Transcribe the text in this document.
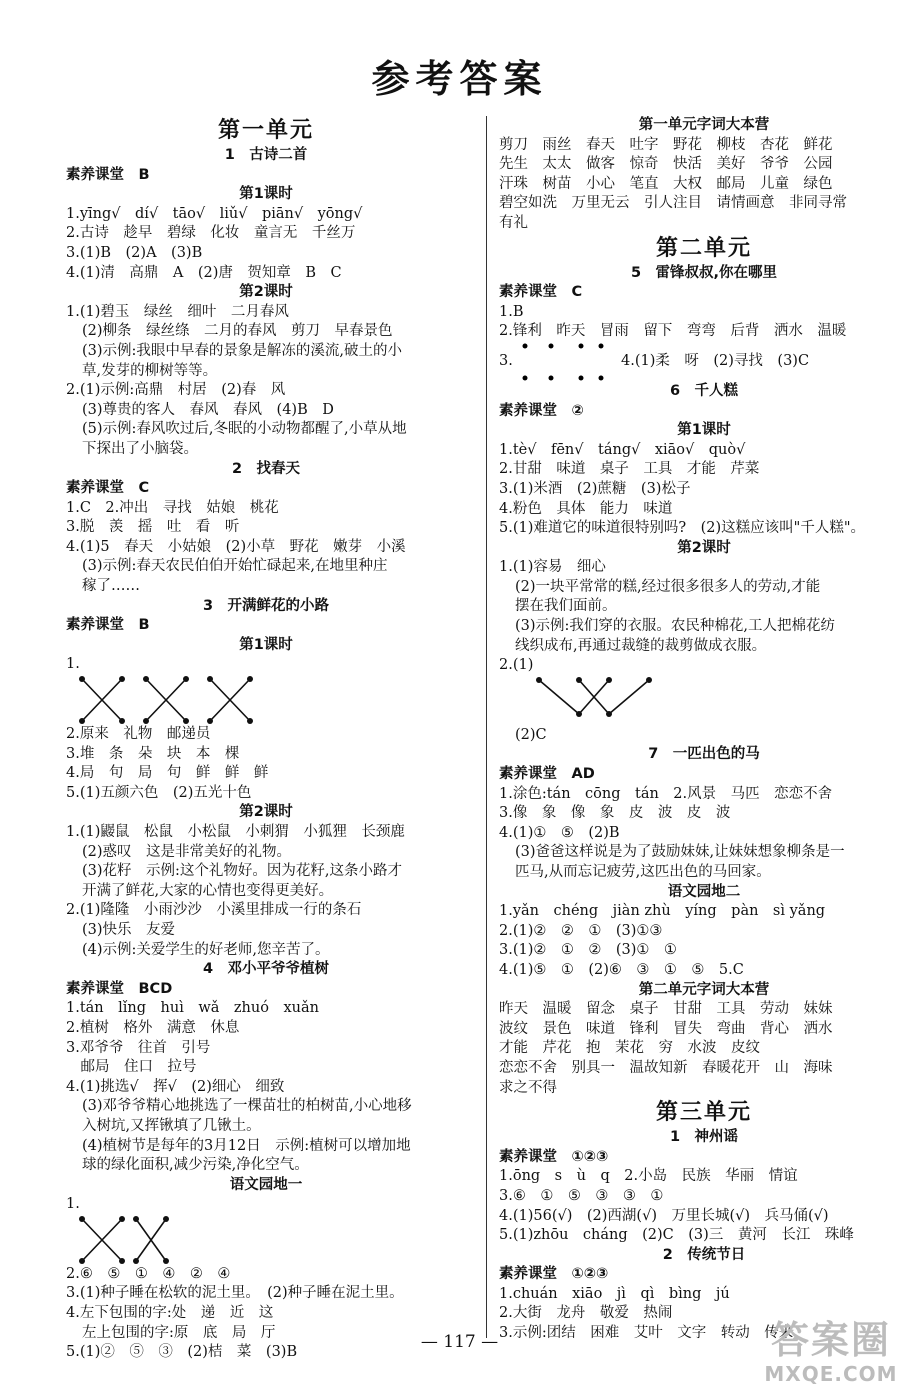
参考答案
第一单元
1　古诗二首
素养课堂　B
第1课时
1.yīng√　dí√　tāo√　liǔ√　piān√　yōng√
2.古诗　趁早　碧绿　化妆　童言无　千丝万
3.(1)B　(2)A　(3)B
4.(1)清　高鼎　A　(2)唐　贺知章　B　C
第2课时
1.(1)碧玉　绿丝　细叶　二月春风
(2)柳条　绿丝绦　二月的春风　剪刀　早春景色
(3)示例:我眼中早春的景象是解冻的溪流,破土的小
草,发芽的柳树等等。
2.(1)示例:高鼎　村居　(2)春　风
(3)尊贵的客人　春风　春风　(4)B　D
(5)示例:春风吹过后,冬眠的小动物都醒了,小草从地
下探出了小脑袋。
2　找春天
素养课堂　C
1.C　2.冲出　寻找　姑娘　桃花
3.脱　羡　摇　吐　看　听
4.(1)5　春天　小姑娘　(2)小草　野花　嫩芽　小溪
(3)示例:春天农民伯伯开始忙碌起来,在地里种庄
稼了……
3　开满鲜花的小路
素养课堂　B
第1课时
1.
2.原来　礼物　邮递员
3.堆　条　朵　块　本　棵
4.局　句　局　句　鲜　鲜　鲜
5.(1)五颜六色　(2)五光十色
第2课时
1.(1)鼹鼠　松鼠　小松鼠　小刺猬　小狐狸　长颈鹿
(2)惑叹　这是非常美好的礼物。
(3)花籽　示例:这个礼物好。因为花籽,这条小路才
开满了鲜花,大家的心情也变得更美好。
2.(1)隆隆　小雨沙沙　小溪里排成一行的条石
(3)快乐　友爱
(4)示例:关爱学生的好老师,您辛苦了。
4　邓小平爷爷植树
素养课堂　BCD
1.tán　lǐng　huì　wǎ　zhuó　xuǎn
2.植树　格外　满意　休息
3.邓爷爷　往首　引号
　邮局　住口　拉号
4.(1)挑选√　挥√　(2)细心　细致
(3)邓爷爷精心地挑选了一棵苗壮的柏树苗,小心地移
入树坑,又挥锹填了几锹土。
(4)植树节是每年的3月12日　示例:植树可以增加地
球的绿化面积,减少污染,净化空气。
语文园地一
1.
2.⑥　⑤　①　④　②　④
3.(1)种子睡在松软的泥土里。　(2)种子睡在泥土里。
4.左下包围的字:处　递　近　这
左上包围的字:原　底　局　厅
5.(1)②　⑤　③　(2)桔　菜　(3)B
第一单元字词大本营
剪刀　雨丝　春天　吐字　野花　柳枝　杏花　鲜花
先生　太太　做客　惊奇　快活　美好　爷爷　公园
汗珠　树苗　小心　笔直　大权　邮局　儿童　绿色
碧空如洗　万里无云　引人注目　请情画意　非同寻常
有礼
第二单元
5　雷锋叔叔,你在哪里
素养课堂　C
1.B
2.锋利　昨天　冒雨　留下　弯弯　后背　洒水　温暖
3.	4.(1)柔　呀　(2)寻找　(3)C
6　千人糕
素养课堂　②
第1课时
1.tè√　fēn√　táng√　xiāo√　quò√
2.甘甜　味道　桌子　工具　才能　芹菜
3.(1)米酒　(2)蔗糖　(3)松子
4.粉色　具体　能力　味道
5.(1)难道它的味道很特别吗?　(2)这糕应该叫"千人糕"。
第2课时
1.(1)容易　细心
(2)一块平常常的糕,经过很多很多人的劳动,才能
摆在我们面前。
(3)示例:我们穿的衣服。农民种棉花,工人把棉花纺
线织成布,再通过裁缝的裁剪做成衣服。
2.(1)
(2)C
7　一匹出色的马
素养课堂　AD
1.涂色:tán　cōng　tán　2.风景　马匹　恋恋不舍
3.像　象　像　象　皮　波　皮　波
4.(1)①　⑤　(2)B
(3)爸爸这样说是为了鼓励妹妹,让妹妹想象柳条是一
匹马,从而忘记疲劳,这匹出色的马回家。
语文园地二
1.yǎn　chéng　jiàn zhù　yíng　pàn　sì yǎng
2.(1)②　②　①　(3)①③
3.(1)②　①　②　(3)①　①
4.(1)⑤　①　(2)⑥　③　①　⑤　5.C
第二单元字词大本营
昨天　温暖　留念　桌子　甘甜　工具　劳动　妹妹
波纹　景色　味道　锋利　冒失　弯曲　背心　洒水
才能　芹花　抱　茉花　穷　水波　皮纹
恋恋不舍　别具一　温故知新　春暖花开　山　海味
求之不得
第三单元
1　神州谣
素养课堂　①②③
1.ōng　s　ù　q　2.小岛　民族　华丽　情谊
3.⑥　①　⑤　③　③　①
4.(1)56(√)　(2)西湖(√)　万里长城(√)　兵马俑(√)
5.(1)zhōu　cháng　(2)C　(3)三　黄河　长江　珠峰
2　传统节日
素养课堂　①②③
1.chuán　xiāo　jì　qì　bìng　jú
2.大街　龙舟　敬爱　热闹
3.示例:团结　困难　艾叶　文字　转动　传来
— 117 —	答案圈
MXQE.COM
